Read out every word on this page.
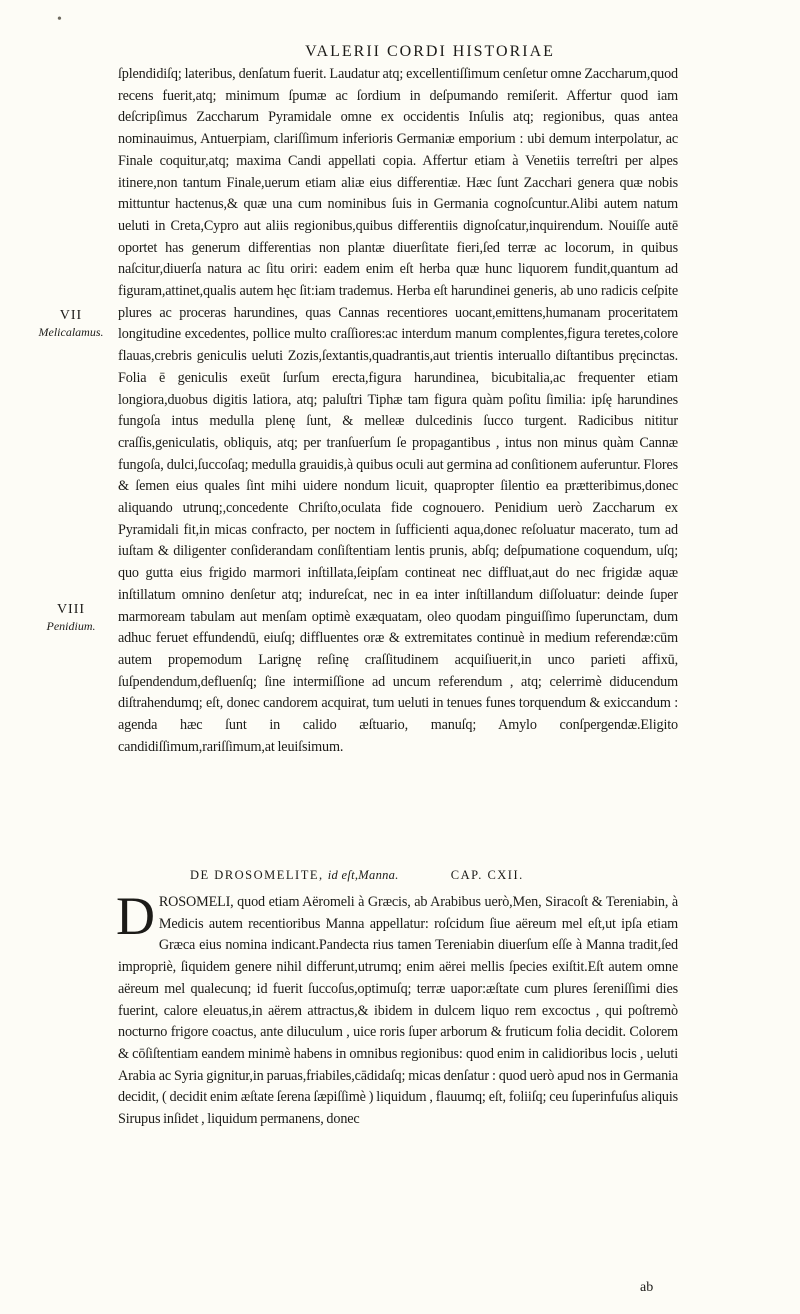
•
VALERII CORDI HISTORIAE

ſplendidiſq; lateribus, denſatum fuerit. Laudatur atq; excellentiſſimum cenſetur omne Zaccharum,quod recens fuerit,atq; minimum ſpumæ ac ſordium in deſpumando remiſerit. Affertur quod iam deſcripſimus Zaccharum Pyramidale omne ex occidentis Inſulis atq; regionibus, quas antea nominauimus, Antuerpiam, clariſſimum inferioris Germaniæ emporium : ubi demum interpolatur, ac Finale coquitur,atq; maxima Candi appellati copia. Affertur etiam à Venetiis terreſtri per alpes itinere,non tantum Finale,uerum etiam aliæ eius differentiæ. Hæc ſunt Zacchari genera quæ nobis mittuntur hactenus,& quæ una cum nominibus ſuis in Germania cognoſcuntur.Alibi autem natum ueluti in Creta,Cypro aut aliis regionibus,quibus differentiis dignoſcatur,inquirendum. Nouiſſe autē oportet has generum differentias non plantæ diuerſitate fieri,ſed terræ ac locorum, in quibus naſcitur,diuerſa natura ac ſitu oriri: eadem enim eſt herba quæ hunc liquorem fundit,quantum ad figuram,attinet,qualis autem hęc ſit:iam trademus. Herba eſt harundinei generis, ab uno radicis ceſpite plures ac proceras harundines, quas Cannas recentiores uocant,emittens,humanam proceritatem longitudine excedentes, pollice multo craſſiores:ac interdum manum complentes,figura teretes,colore flauas,crebris geniculis ueluti Zozis,ſextantis,quadrantis,aut trientis interuallo diſtantibus pręcinctas. Folia ē geniculis exeūt ſurſum erecta,figura harundinea, bicubitalia,ac frequenter etiam longiora,duobus digitis latiora, atq; paluſtri Tiphæ tam figura quàm poſitu ſimilia: ipſę harundines fungoſa intus medulla plenę ſunt, & melleæ dulcedinis ſucco turgent. Radicibus nititur craſſis,geniculatis, obliquis, atq; per tranſuerſum ſe propagantibus , intus non minus quàm Cannæ fungoſa, dulci,ſuccoſaq; medulla grauidis,à quibus oculi aut germina ad conſitionem auferuntur. Flores & ſemen eius quales ſint mihi uidere nondum licuit, quapropter ſilentio ea prætteribimus,donec aliquando utrunq;,concedente Chriſto,oculata fide cognouero. Penidium uerò Zaccharum ex Pyramidali fit,in micas confracto, per noctem in ſufficienti aqua,donec reſoluatur macerato, tum ad iuſtam & diligenter conſiderandam conſiſtentiam lentis prunis, abſq; deſpumatione coquendum, uſq; quo gutta eius frigido marmori inſtillata,ſeipſam contineat nec diffluat,aut do nec frigidæ aquæ inſtillatum omnino denſetur atq; indureſcat, nec in ea inter inſtillandum diſſoluatur: deinde ſuper marmoream tabulam aut menſam optimè exæquatam, oleo quodam pinguiſſimo ſuperunctam, dum adhuc feruet effundendū, eiuſq; diffluentes oræ & extremitates continuè in medium referendæ:cūm autem propemodum Larignę reſinę craſſitudinem acquiſiuerit,in unco parieti affixū, ſuſpendendum,defluenſq; ſine intermiſſione ad uncum referendum , atq; celerrimè diducendum diſtrahendumq; eſt, donec candorem acquirat, tum ueluti in tenues funes torquendum & exiccandum : agenda hæc ſunt in calido æſtuario, manuſq; Amylo conſpergendæ.Eligito candidiſſimum,rariſſimum,at leuiſsimum.

VII
Melicalamus.
VIII
Penidium.
DE DROSOMELITE, id eſt,Manna.	CAP. CXII.
D ROSOMELI, quod etiam Aëromeli à Græcis, ab Arabibus uerò,Men, Siracoſt & Tereniabin, à Medicis autem recentioribus Manna appellatur: roſcidum ſiue aëreum mel eſt,ut ipſa etiam Græca eius nomina indicant.Pandecta rius tamen Tereniabin diuerſum eſſe à Manna tradit,ſed impropriè, ſiquidem genere nihil differunt,utrumq; enim aërei mellis ſpecies exiſtit.Eſt autem omne aëreum mel qualecunq; id fuerit ſuccoſus,optimuſq; terræ uapor:æſtate cum plures ſereniſſimi dies fuerint, calore eleuatus,in aërem attractus,& ibidem in dulcem liquo rem excoctus , qui poſtremò nocturno frigore coactus, ante diluculum , uice roris ſuper arborum & fruticum folia decidit. Colorem & cōſiſtentiam eandem minimè habens in omnibus regionibus: quod enim in calidioribus locis , ueluti Arabia ac Syria gignitur,in paruas,friabiles,cādidaſq; micas denſatur : quod uerò apud nos in Germania decidit, ( decidit enim æſtate ſerena ſæpiſſimè ) liquidum , flauumq; eſt, foliiſq; ceu ſuperinfuſus aliquis Sirupus inſidet , liquidum permanens, donec
ab
